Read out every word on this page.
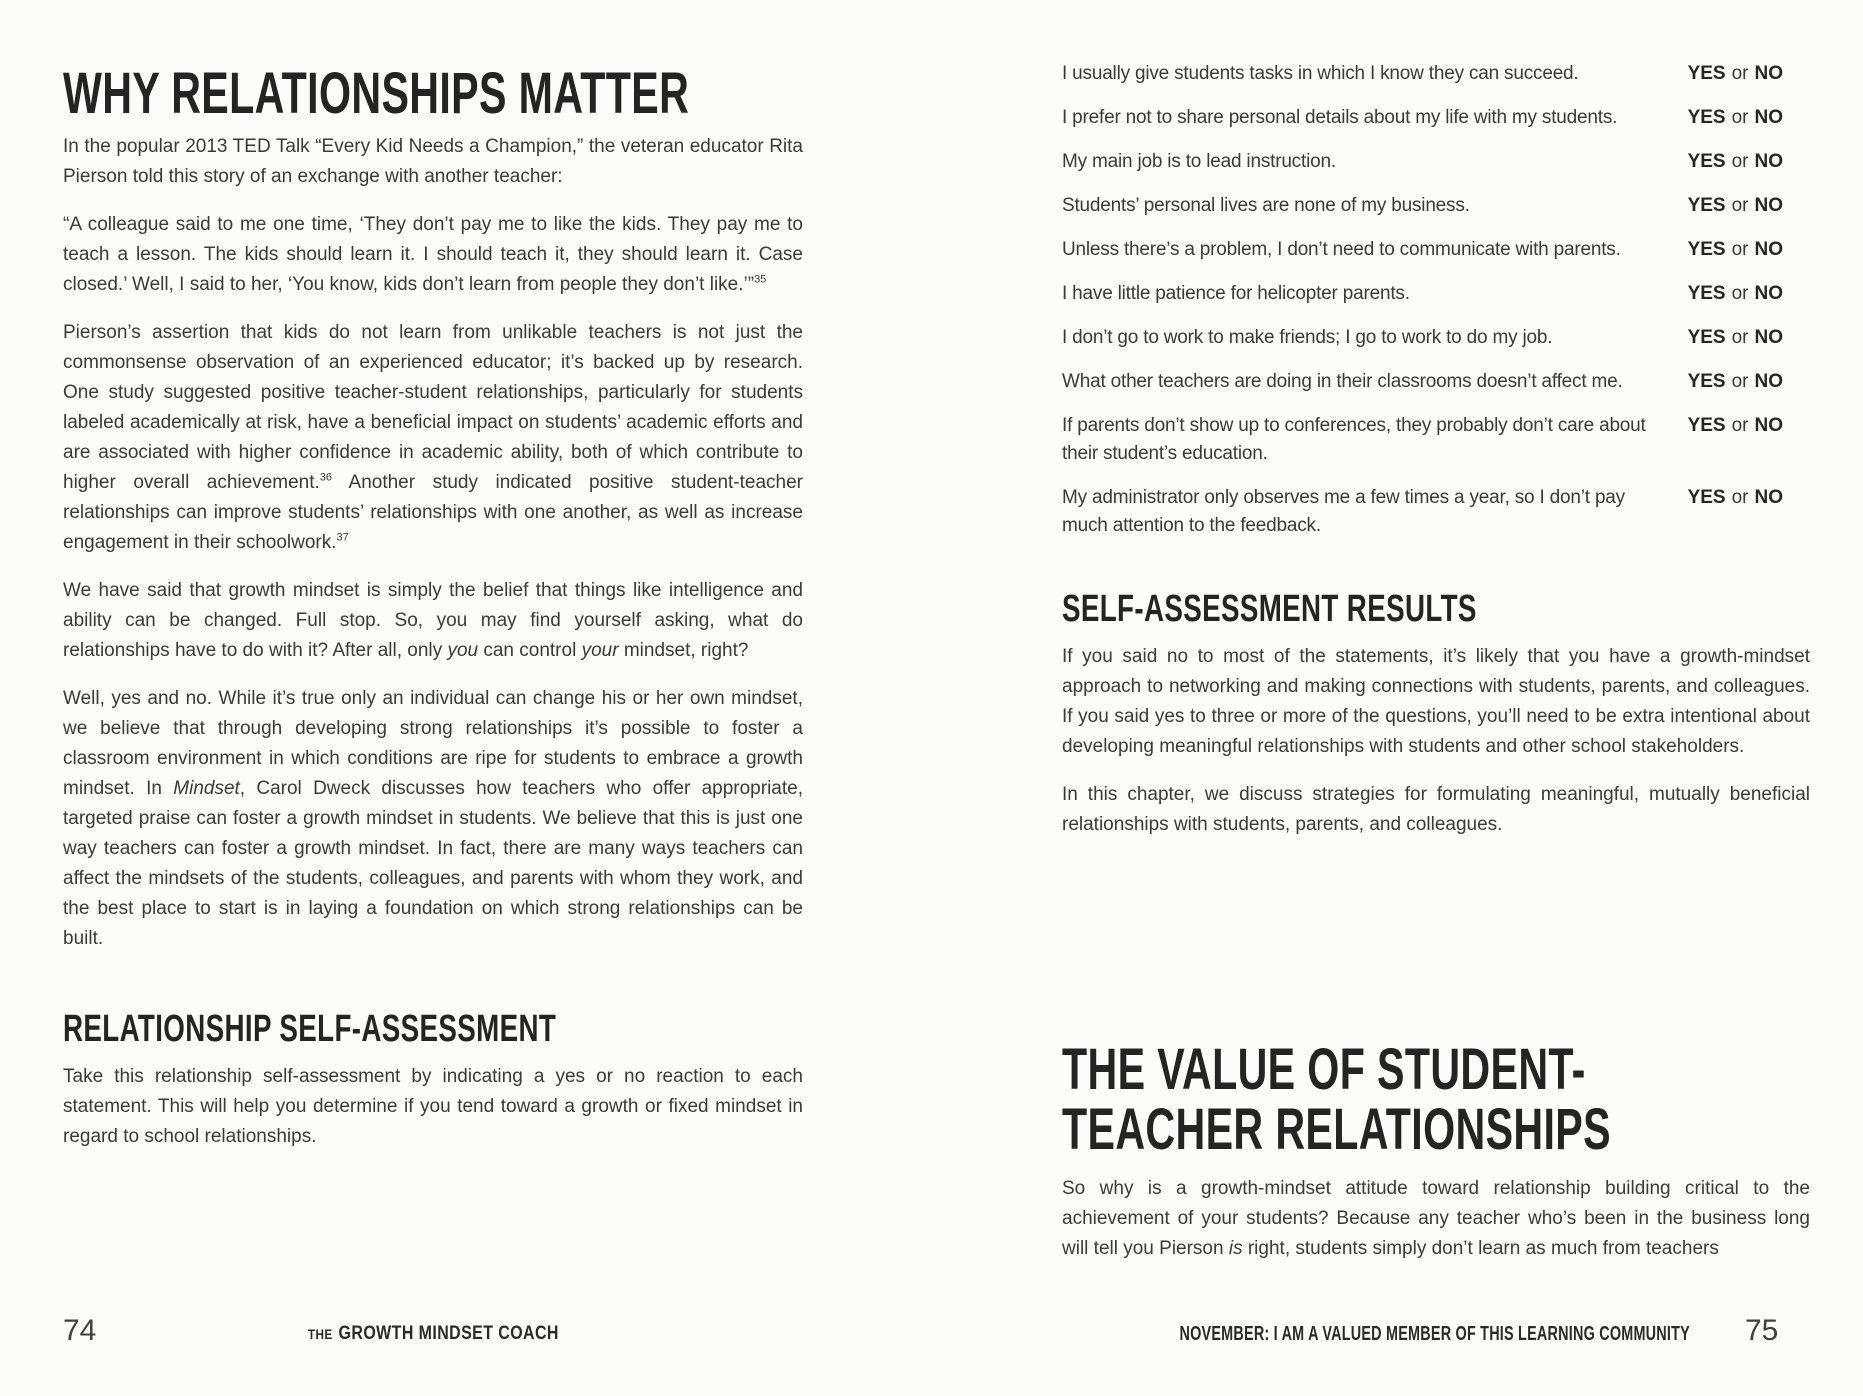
WHY RELATIONSHIPS MATTER

In the popular 2013 TED Talk “Every Kid Needs a Champion,” the veteran educator Rita Pierson told this story of an exchange with another teacher:

“A colleague said to me one time, ‘They don’t pay me to like the kids. They pay me to teach a lesson. The kids should learn it. I should teach it, they should learn it. Case closed.’ Well, I said to her, ‘You know, kids don’t learn from people they don’t like.’”$^{35}$

Pierson’s assertion that kids do not learn from unlikable teachers is not just the commonsense observation of an experienced educator; it’s backed up by research. One study suggested positive teacher-student relationships, particularly for students labeled academically at risk, have a beneficial impact on students’ academic efforts and are associated with higher confidence in academic ability, both of which contribute to higher overall achievement.$^{36}$ Another study indicated positive student-teacher relationships can improve students’ relationships with one another, as well as increase engagement in their schoolwork.$^{37}$

We have said that growth mindset is simply the belief that things like intelligence and ability can be changed. Full stop. So, you may find yourself asking, what do relationships have to do with it? After all, only you can control your mindset, right?

Well, yes and no. While it’s true only an individual can change his or her own mindset, we believe that through developing strong relationships it’s possible to foster a classroom environment in which conditions are ripe for students to embrace a growth mindset. In Mindset, Carol Dweck discusses how teachers who offer appropriate, targeted praise can foster a growth mindset in students. We believe that this is just one way teachers can foster a growth mindset. In fact, there are many ways teachers can affect the mindsets of the students, colleagues, and parents with whom they work, and the best place to start is in laying a foundation on which strong relationships can be built.

RELATIONSHIP SELF-ASSESSMENT

Take this relationship self-assessment by indicating a yes or no reaction to each statement. This will help you determine if you tend toward a growth or fixed mindset in regard to school relationships.

I usually give students tasks in which I know they can succeed.	YES or NO
I prefer not to share personal details about my life with my students.	YES or NO
My main job is to lead instruction.	YES or NO
Students’ personal lives are none of my business.	YES or NO
Unless there’s a problem, I don’t need to communicate with parents.	YES or NO
I have little patience for helicopter parents.	YES or NO
I don’t go to work to make friends; I go to work to do my job.	YES or NO
What other teachers are doing in their classrooms doesn’t affect me.	YES or NO
If parents don’t show up to conferences, they probably don’t care about their student’s education.
YES or NO
My administrator only observes me a few times a year, so I don’t pay much attention to the feedback.
YES or NO
SELF-ASSESSMENT RESULTS

If you said no to most of the statements, it’s likely that you have a growth-mindset approach to networking and making connections with students, parents, and colleagues. If you said yes to three or more of the questions, you’ll need to be extra intentional about developing meaningful relationships with students and other school stakeholders.

In this chapter, we discuss strategies for formulating meaningful, mutually beneficial relationships with students, parents, and colleagues.

THE VALUE OF STUDENT-
TEACHER RELATIONSHIPS

So why is a growth-mindset attitude toward relationship building critical to the achievement of your students? Because any teacher who’s been in the business long will tell you Pierson is right, students simply don’t learn as much from teachers

74	THE GROWTH MINDSET COACH	NOVEMBER: I AM A VALUED MEMBER OF THIS LEARNING COMMUNITY 75
